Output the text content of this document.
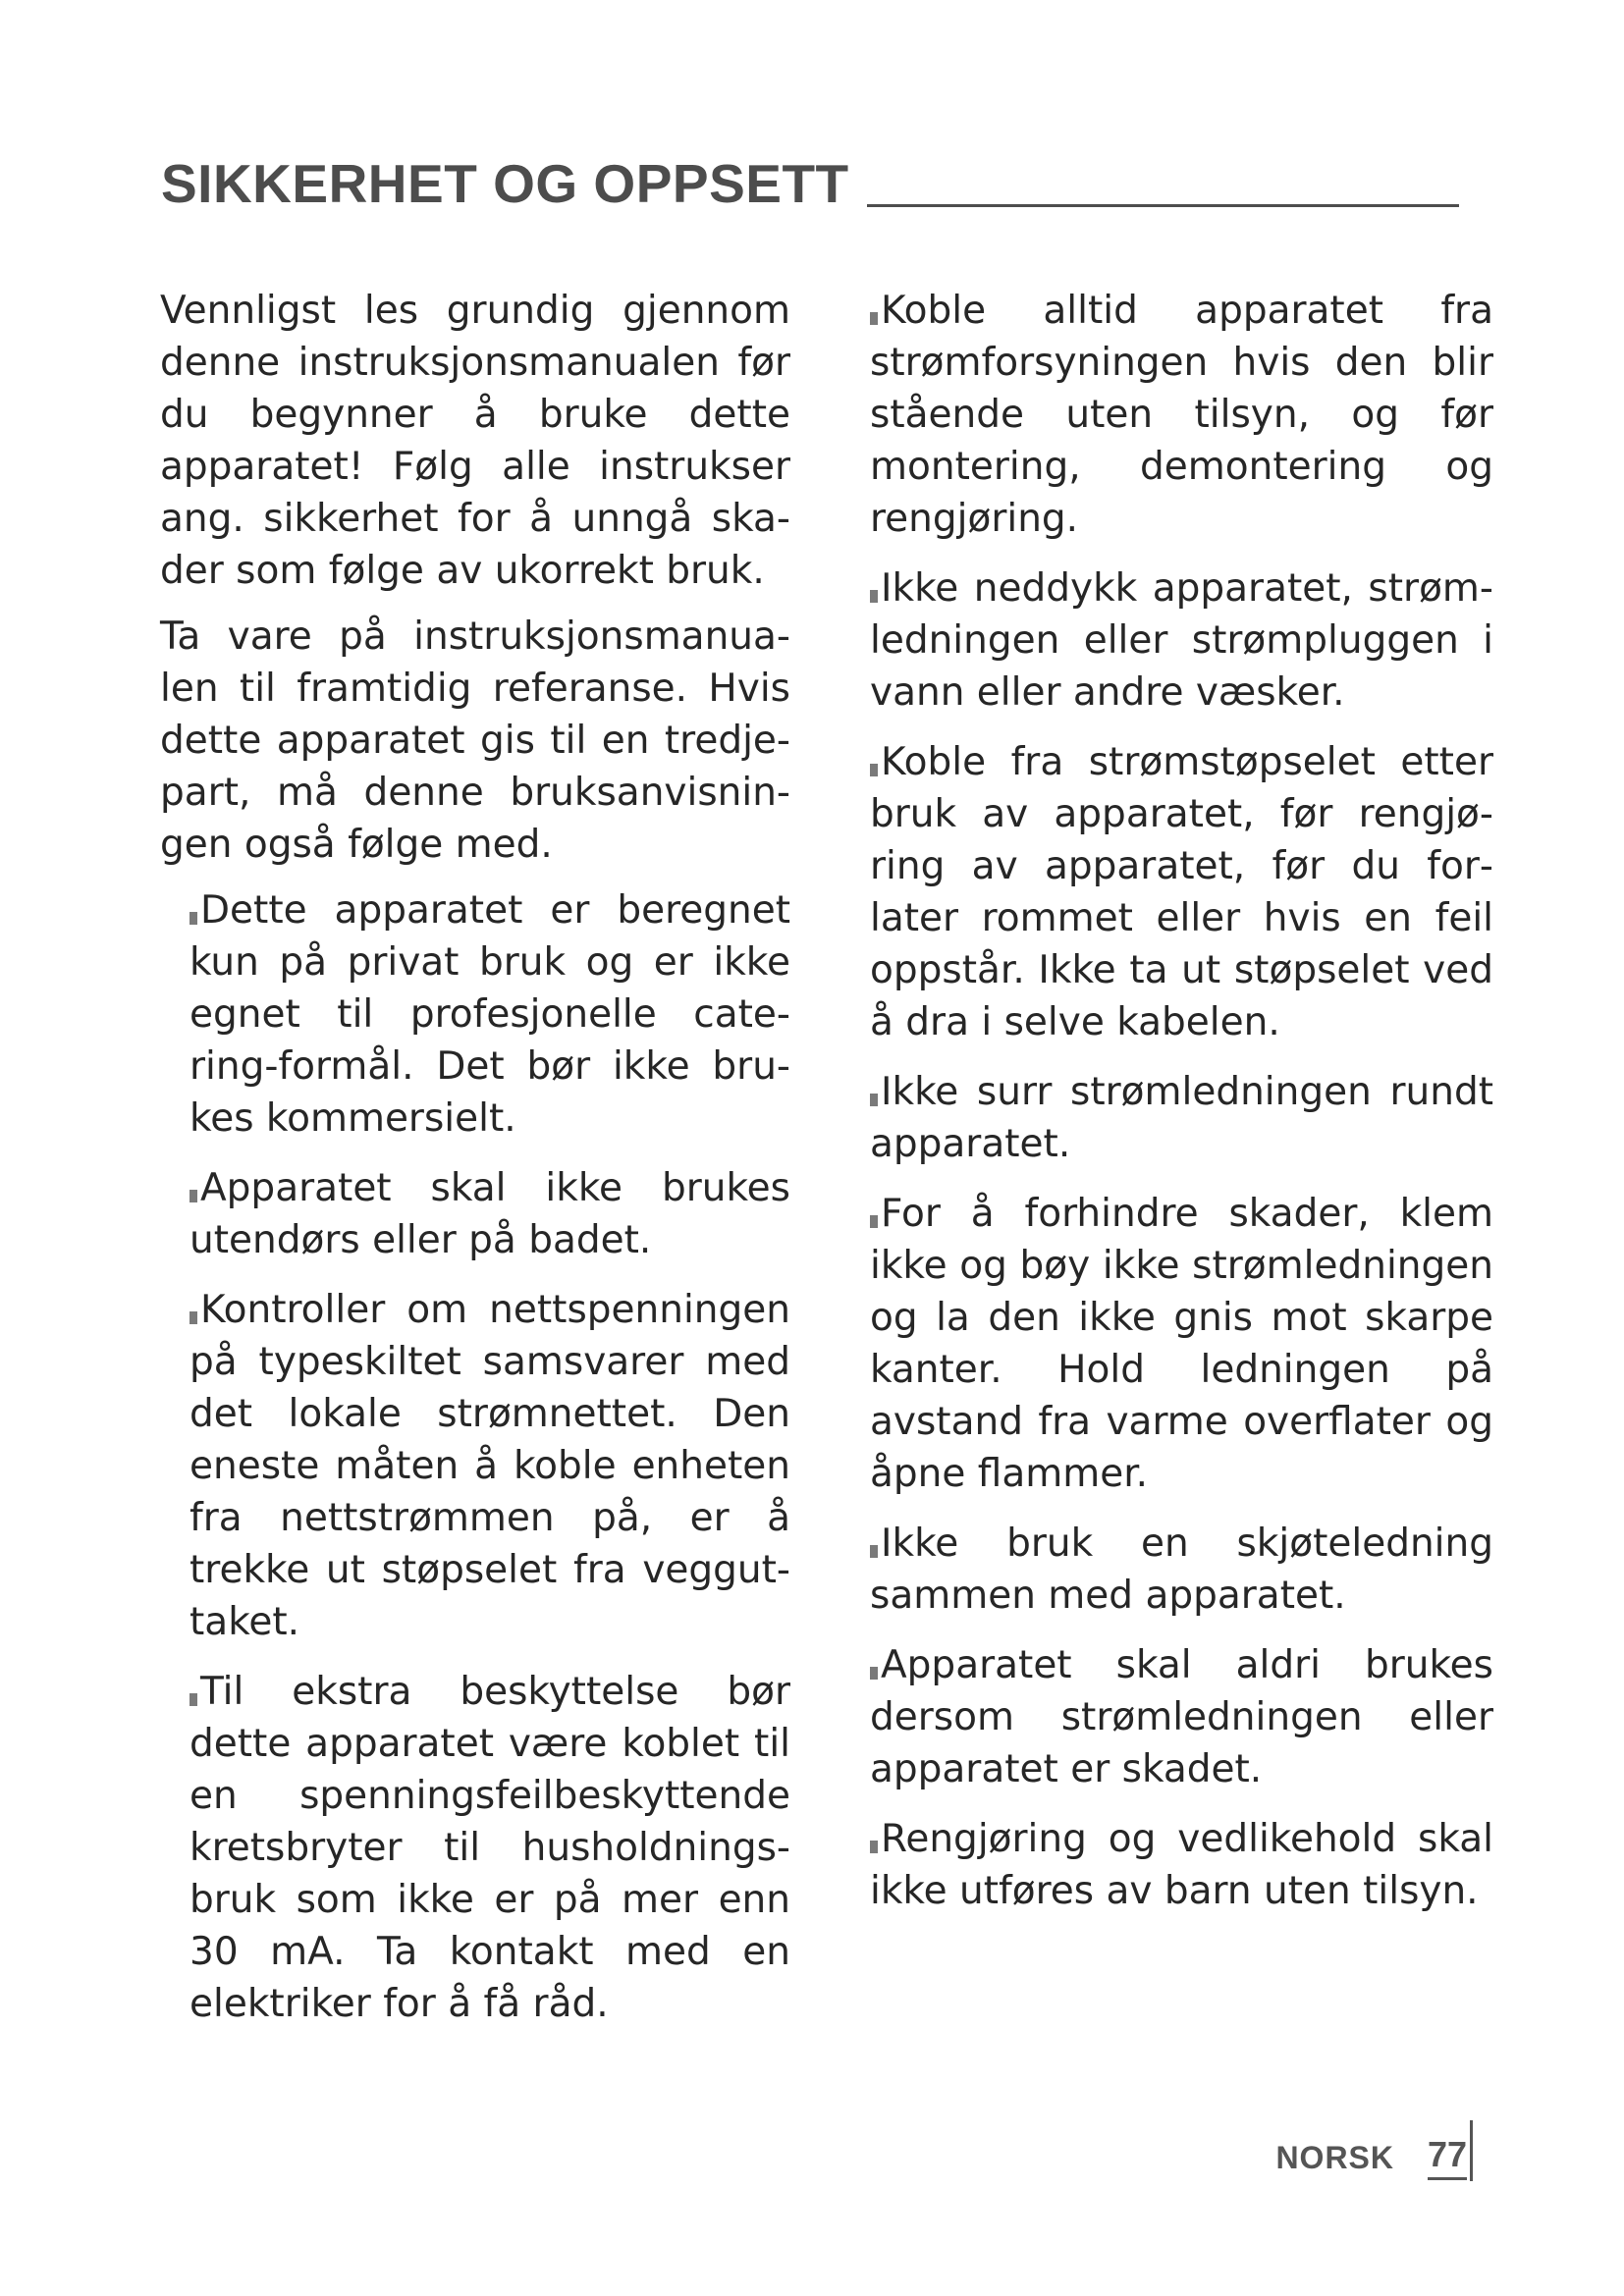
SIKKERHET OG OPPSETT

Vennligst les grundig gjennom denne instruksjonsmanualen før du begynner å bruke dette apparatet! Følg alle instrukser ang. sikkerhet for å unngå skader som følge av ukorrekt bruk.

Ta vare på instruksjonsmanualen til framtidig referanse. Hvis dette apparatet gis til en tredjepart, må denne bruksanvisningen også følge med.

Dette apparatet er beregnet kun på privat bruk og er ikke egnet til profesjonelle catering-formål. Det bør ikke brukes kommersielt.
Apparatet skal ikke brukes utendørs eller på badet.
Kontroller om nettspenningen på typeskiltet samsvarer med det lokale strømnettet. Den eneste måten å koble enheten fra nettstrømmen på, er å trekke ut støpselet fra vegguttaket.
Til ekstra beskyttelse bør dette apparatet være koblet til en spenningsfeilbeskyttende kretsbryter til husholdningsbruk som ikke er på mer enn 30 mA. Ta kontakt med en elektriker for å få råd.
Koble alltid apparatet fra strømforsyningen hvis den blir stående uten tilsyn, og før montering, demontering og rengjøring.
Ikke neddykk apparatet, strømledningen eller strømpluggen i vann eller andre væsker.
Koble fra strømstøpselet etter bruk av apparatet, før rengjøring av apparatet, før du forlater rommet eller hvis en feil oppstår. Ikke ta ut støpselet ved å dra i selve kabelen.
Ikke surr strømledningen rundt apparatet.
For å forhindre skader, klem ikke og bøy ikke strømledningen og la den ikke gnis mot skarpe kanter. Hold ledningen på avstand fra varme overflater og åpne flammer.
Ikke bruk en skjøteledning sammen med apparatet.
Apparatet skal aldri brukes dersom strømledningen eller apparatet er skadet.
Rengjøring og vedlikehold skal ikke utføres av barn uten tilsyn.
NORSK 77
